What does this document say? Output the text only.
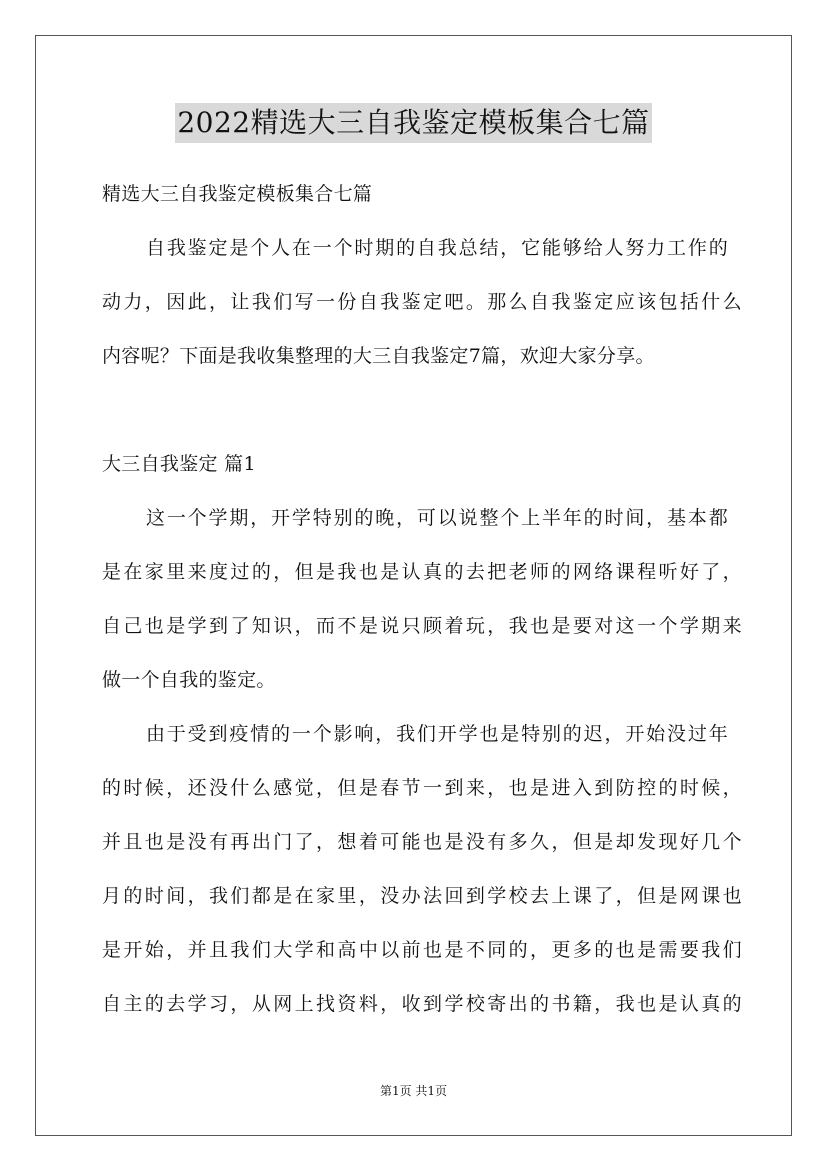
2022精选大三自我鉴定模板集合七篇
精选大三自我鉴定模板集合七篇
自我鉴定是个人在一个时期的自我总结，它能够给人努力工作的
动力，因此，让我们写一份自我鉴定吧。那么自我鉴定应该包括什么
内容呢？下面是我收集整理的大三自我鉴定7篇，欢迎大家分享。
大三自我鉴定 篇1
这一个学期，开学特别的晚，可以说整个上半年的时间，基本都
是在家里来度过的，但是我也是认真的去把老师的网络课程听好了，
自己也是学到了知识，而不是说只顾着玩，我也是要对这一个学期来
做一个自我的鉴定。
由于受到疫情的一个影响，我们开学也是特别的迟，开始没过年
的时候，还没什么感觉，但是春节一到来，也是进入到防控的时候，
并且也是没有再出门了，想着可能也是没有多久，但是却发现好几个
月的时间，我们都是在家里，没办法回到学校去上课了，但是网课也
是开始，并且我们大学和高中以前也是不同的，更多的也是需要我们
自主的去学习，从网上找资料，收到学校寄出的书籍，我也是认真的
第1页 共1页
